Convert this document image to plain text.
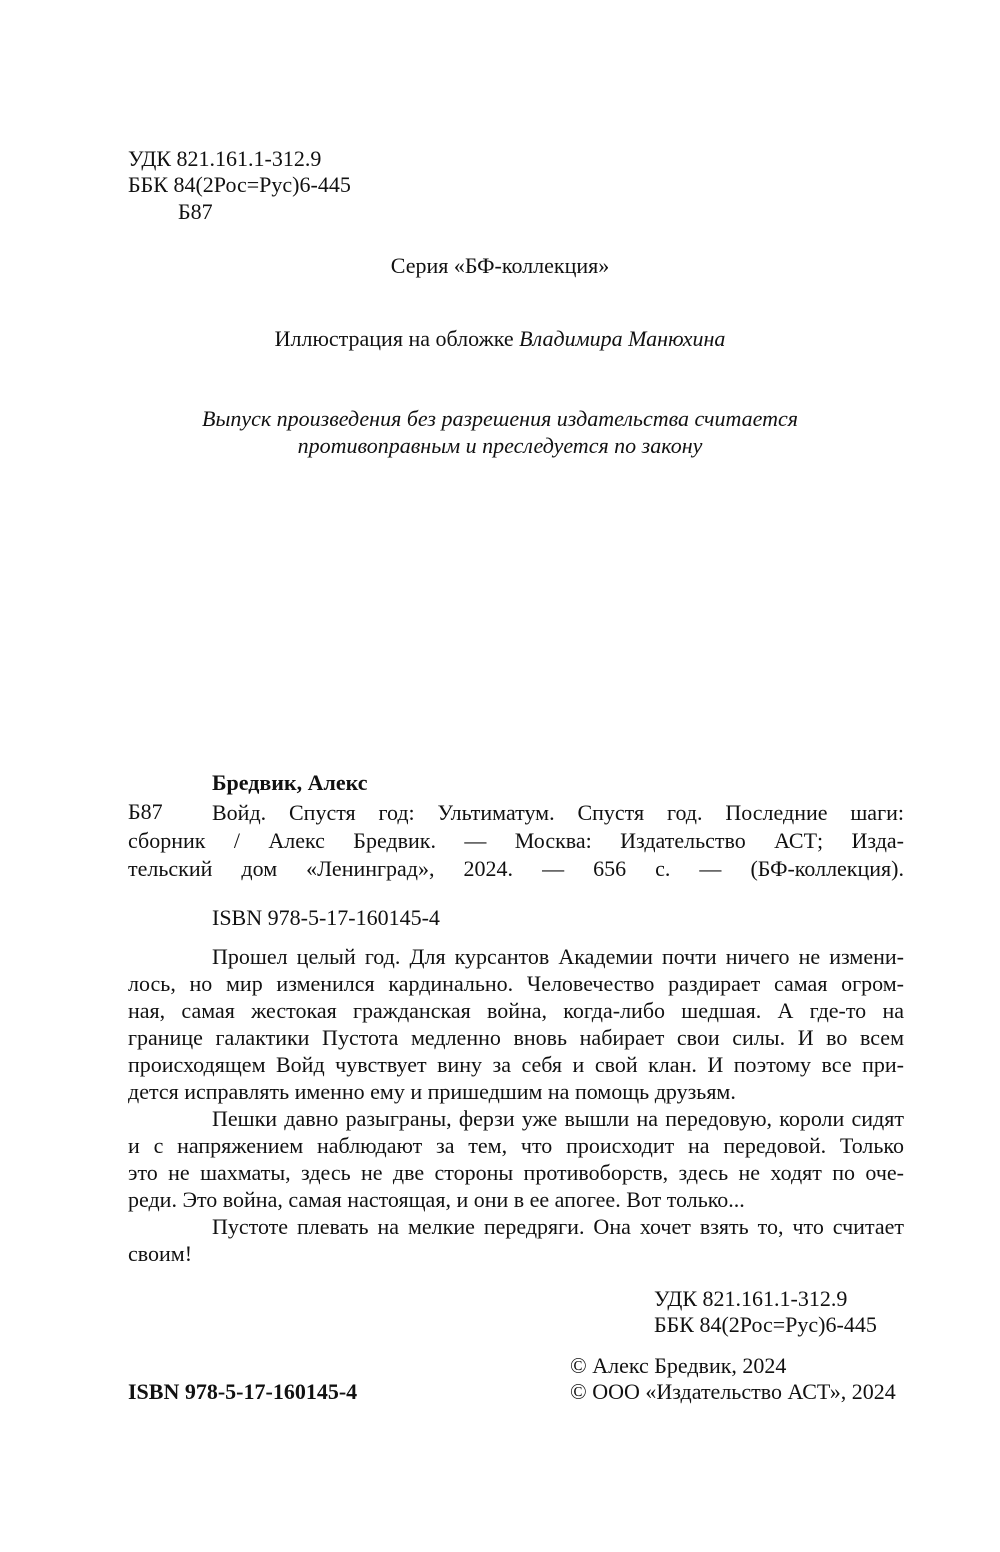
УДК 821.161.1-312.9
ББК 84(2Рос=Рус)6-445
Б87
Серия «БФ-коллекция»
Иллюстрация на обложке Владимира Манюхина
Выпуск произведения без разрешения издательства считается
противоправным и преследуется по закону
Бредвик, Алекс
Б87 Войд. Спустя год: Ультиматум. Спустя год. Последние шаги:
сборник / Алекс Бредвик. — Москва: Издательство АСТ; Изда-
тельский дом «Ленинград», 2024. — 656 с. — (БФ-коллекция).
ISBN 978-5-17-160145-4
Прошел целый год. Для курсантов Академии почти ничего не измени-
лось, но мир изменился кардинально. Человечество раздирает самая огром-
ная, самая жестокая гражданская война, когда-либо шедшая. А где-то на
границе галактики Пустота медленно вновь набирает свои силы. И во всем
происходящем Войд чувствует вину за себя и свой клан. И поэтому все при-
дется исправлять именно ему и пришедшим на помощь друзьям.
Пешки давно разыграны, ферзи уже вышли на передовую, короли сидят
и с напряжением наблюдают за тем, что происходит на передовой. Только
это не шахматы, здесь не две стороны противоборств, здесь не ходят по оче-
реди. Это война, самая настоящая, и они в ее апогее. Вот только...
Пустоте плевать на мелкие передряги. Она хочет взять то, что считает
своим!
УДК 821.161.1-312.9
ББК 84(2Рос=Рус)6-445
© Алекс Бредвик, 2024
© ООО «Издательство АСТ», 2024
ISBN 978-5-17-160145-4
